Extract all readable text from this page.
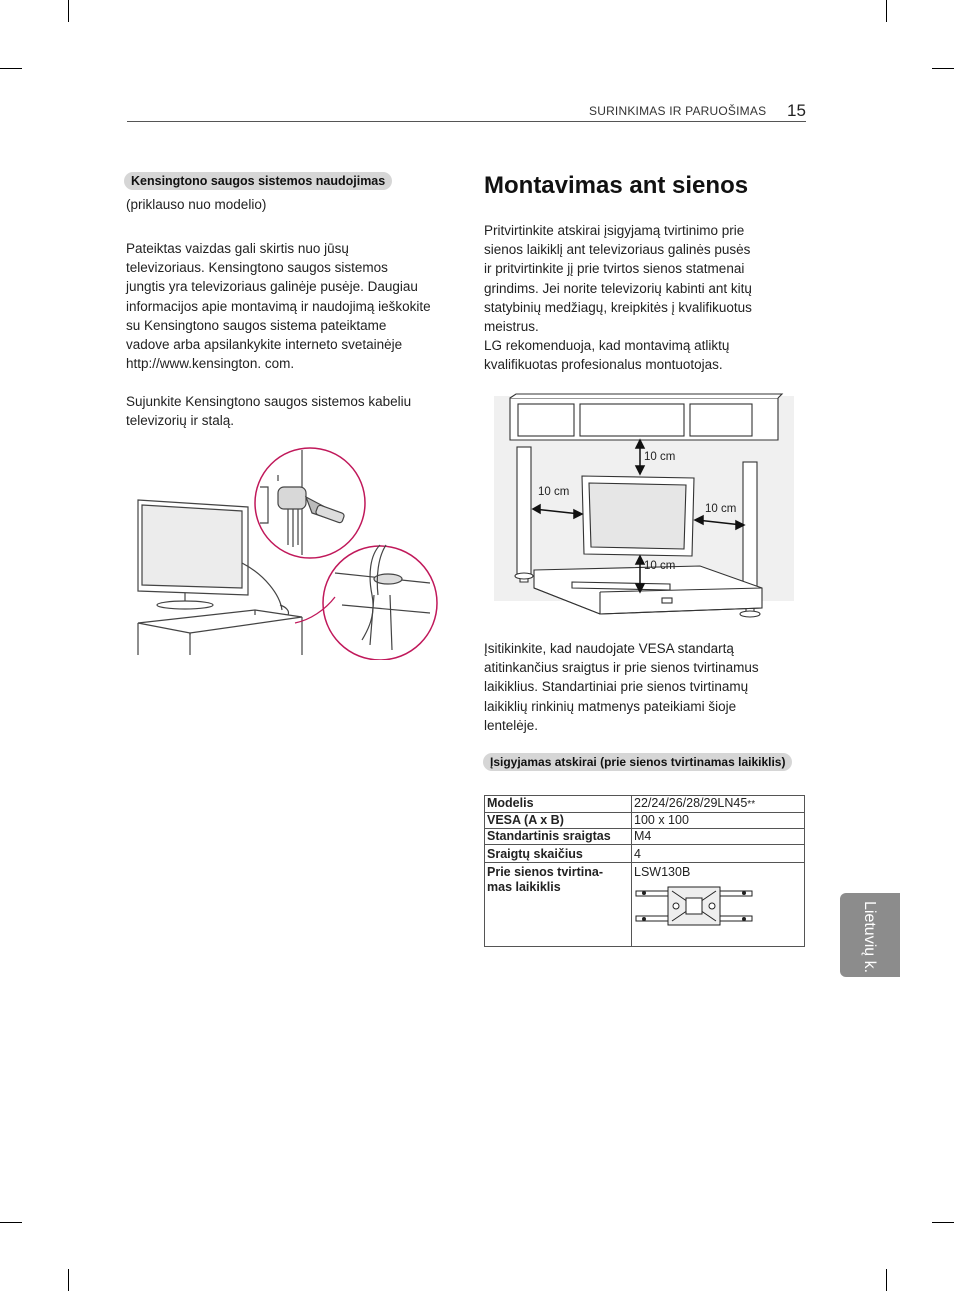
SURINKIMAS IR PARUOŠIMAS 15
Kensingtono saugos sistemos naudojimas

(priklauso nuo modelio)

Pateiktas vaizdas gali skirtis nuo jūsų

televizoriaus. Kensingtono saugos sistemos

jungtis yra televizoriaus galinėje pusėje. Daugiau

informacijos apie montavimą ir naudojimą ieškokite

su Kensingtono saugos sistema pateiktame

vadove arba apsilankykite interneto svetainėje

http://www.kensington. com.

Sujunkite Kensingtono saugos sistemos kabeliu

televizorių ir stalą.

Montavimas ant sienos

Pritvirtinkite atskirai įsigyjamą tvirtinimo prie

sienos laikiklį ant televizoriaus galinės pusės

ir pritvirtinkite jį prie tvirtos sienos statmenai

grindims. Jei norite televizorių kabinti ant kitų

statybinių medžiagų, kreipkitės į kvalifikuotus

meistrus.

LG rekomenduoja, kad montavimą atliktų

kvalifikuotas profesionalus montuotojas.

10 cm
10 cm
10 cm
10 cm

Įsitikinkite, kad naudojate VESA standartą

atitinkančius sraigtus ir prie sienos tvirtinamus

laikiklius. Standartiniai prie sienos tvirtinamų

laikiklių rinkinių matmenys pateikiami šioje

lentelėje.

Įsigyjamas atskirai (prie sienos tvirtinamas laikiklis)
Modelis	22/24/26/28/29LN45**
VESA (A x B)	100 x 100
Standartinis sraigtas	M4
Sraigtų skaičius	4

Prie sienos tvirtina-
mas laikiklis	LSW130B
Lietuvių k.
